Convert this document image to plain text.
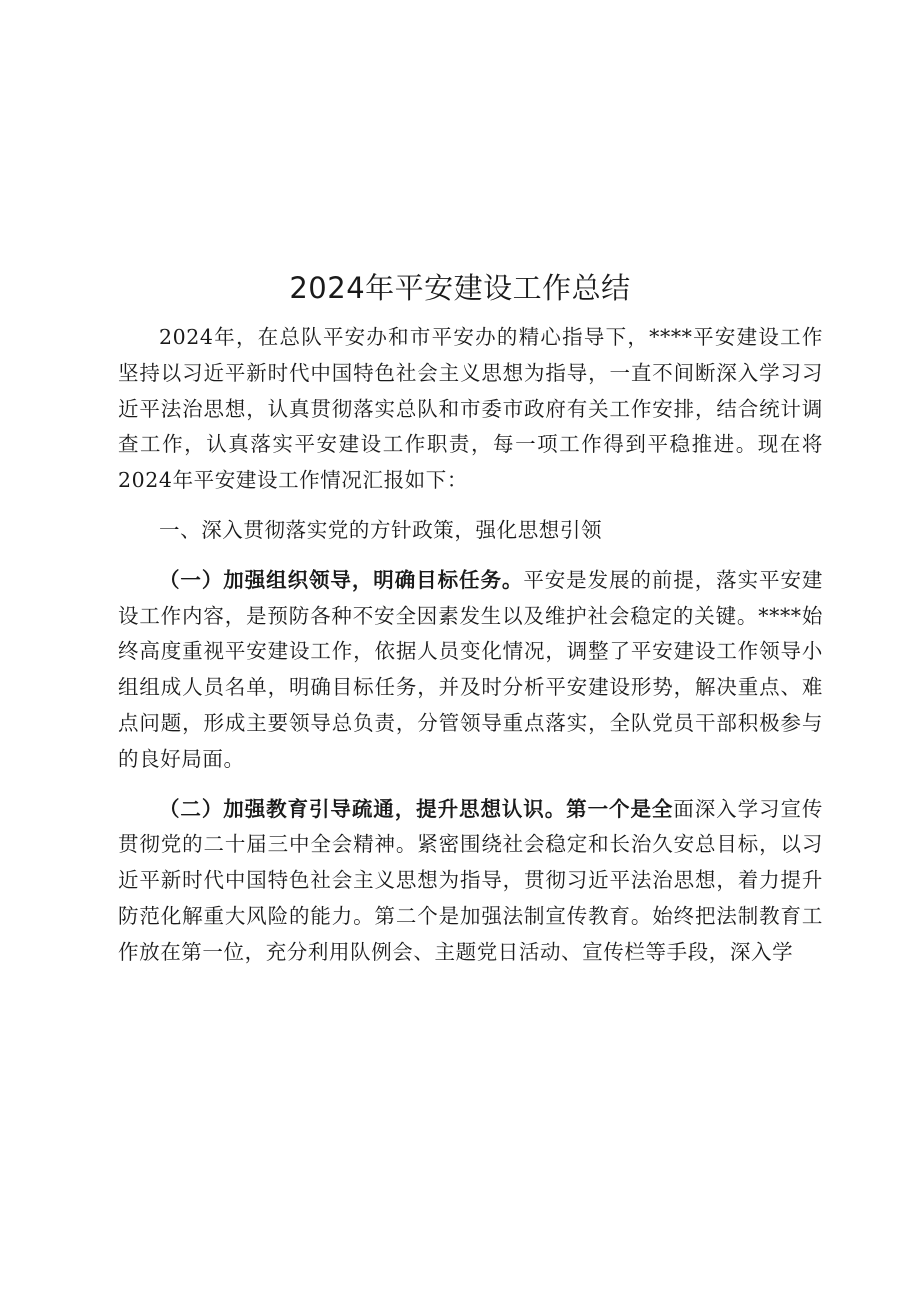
2024年平安建设工作总结

2024年，在总队平安办和市平安办的精心指导下，****平安建设工作坚持以习近平新时代中国特色社会主义思想为指导，一直不间断深入学习习近平法治思想，认真贯彻落实总队和市委市政府有关工作安排，结合统计调查工作，认真落实平安建设工作职责，每一项工作得到平稳推进。现在将2024年平安建设工作情况汇报如下：

一、深入贯彻落实党的方针政策，强化思想引领

（一）加强组织领导，明确目标任务。平安是发展的前提，落实平安建设工作内容，是预防各种不安全因素发生以及维护社会稳定的关键。****始终高度重视平安建设工作，依据人员变化情况，调整了平安建设工作领导小组组成人员名单，明确目标任务，并及时分析平安建设形势，解决重点、难点问题，形成主要领导总负责，分管领导重点落实，全队党员干部积极参与的良好局面。

（二）加强教育引导疏通，提升思想认识。第一个是全面深入学习宣传贯彻党的二十届三中全会精神。紧密围绕社会稳定和长治久安总目标，以习近平新时代中国特色社会主义思想为指导，贯彻习近平法治思想，着力提升防范化解重大风险的能力。第二个是加强法制宣传教育。始终把法制教育工作放在第一位，充分利用队例会、主题党日活动、宣传栏等手段，深入学
